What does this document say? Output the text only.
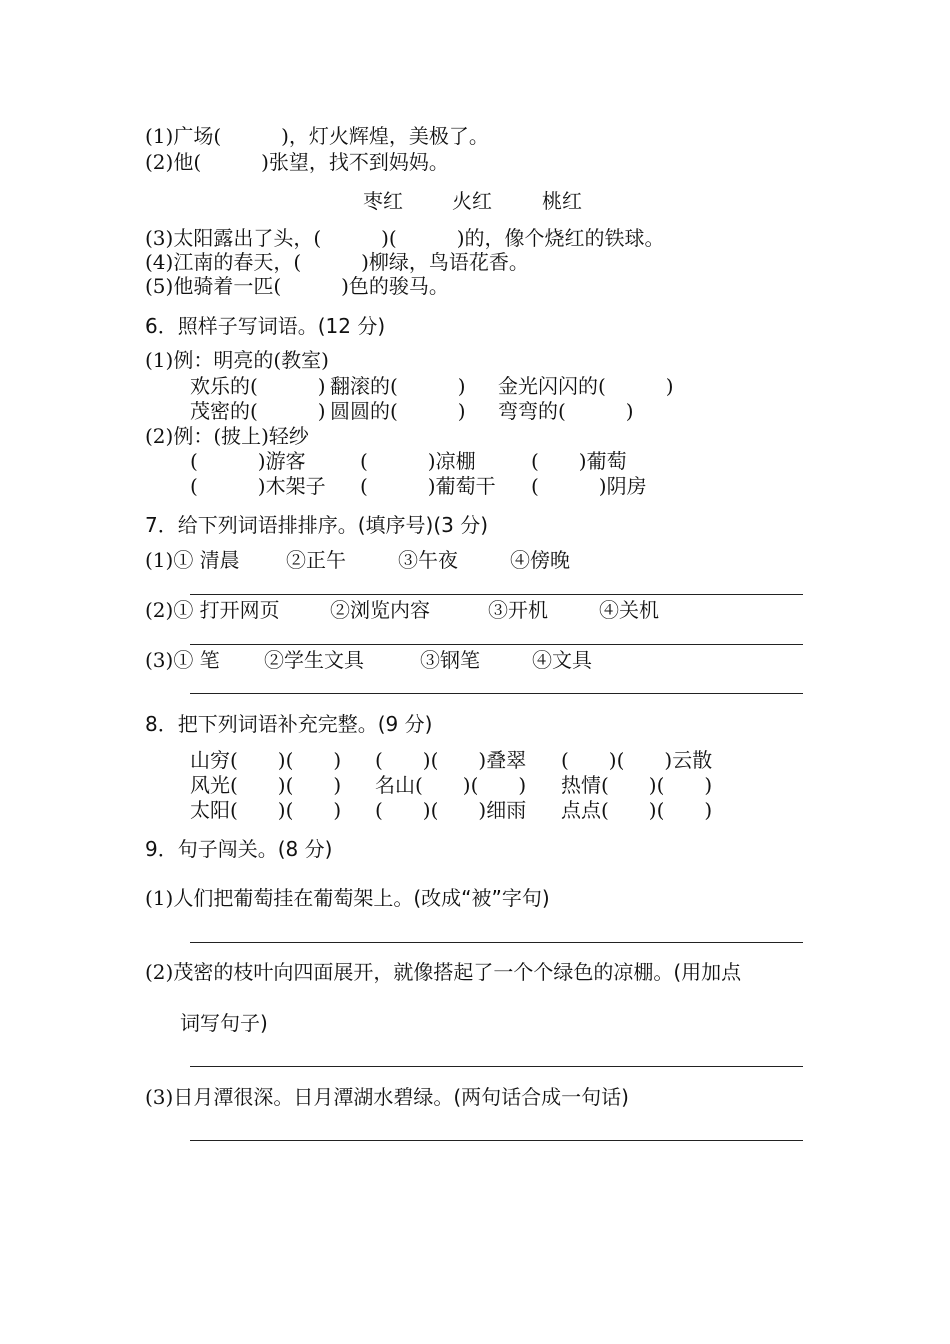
(1)广场(　　　)，灯火辉煌，美极了。
(2)他(　　　)张望，找不到妈妈。
枣红 火红	桃红
(3)太阳露出了头，(　　　)(　　　)的，像个烧红的铁球。
(4)江南的春天，(　　　)柳绿，鸟语花香。
(5)他骑着一匹(　　　)色的骏马。
6．照样子写词语。(12 分)
(1)例：明亮的(教室)
欢乐的(　　　) 翻滚的(　　　) 金光闪闪的(　　　)
茂密的(　　　) 圆圆的(　　　) 弯弯的(　　　)
(2)例：(披上)轻纱
(　　　)游客	(　　　)凉棚	(　　)葡萄
(　　　)木架子 (　　　)葡萄干 (　　　)阴房
7．给下列词语排排序。(填序号)(3 分)
(1)① 清晨 ②正午	③午夜	④傍晚
(2)① 打开网页	②浏览内容	③开机	④关机
(3)① 笔 ②学生文具	③钢笔	④文具
8．把下列词语补充完整。(9 分)
山穷(　　)(　　) (　　)(　　)叠翠 (　　)(　　)云散
风光(　　)(　　) 名山(　　)(　　) 热情(　　)(　　)
太阳(　　)(　　) (　　)(　　)细雨 点点(　　)(　　)
9．句子闯关。(8 分)
(1)人们把葡萄挂在葡萄架上。(改成“被”字句)
(2)茂密的枝叶向四面展开，就像搭起了一个个绿色的凉棚。(用加点
词写句子)
(3)日月潭很深。日月潭湖水碧绿。(两句话合成一句话)
